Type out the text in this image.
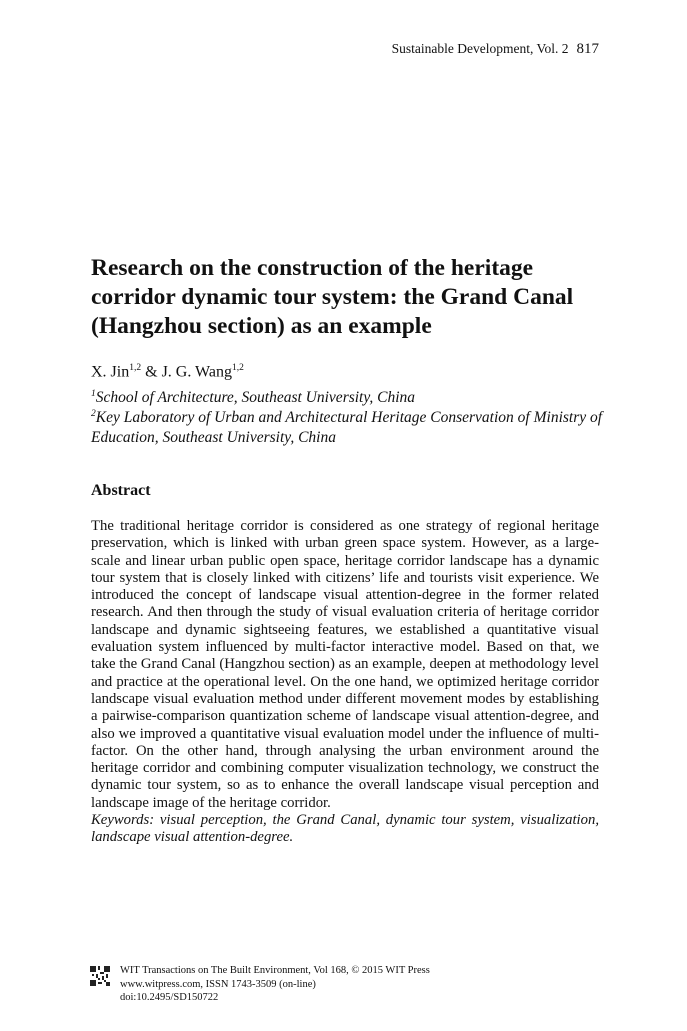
Sustainable Development, Vol. 2 817
Research on the construction of the heritage corridor dynamic tour system: the Grand Canal (Hangzhou section) as an example
X. Jin$^{1,2}$ & J. G. Wang$^{1,2}$
$^1$School of Architecture, Southeast University, China
$^2$Key Laboratory of Urban and Architectural Heritage Conservation of Ministry of Education, Southeast University, China
Abstract

The traditional heritage corridor is considered as one strategy of regional heritage preservation, which is linked with urban green space system. However, as a large-scale and linear urban public open space, heritage corridor landscape has a dynamic tour system that is closely linked with citizens’ life and tourists visit experience. We introduced the concept of landscape visual attention-degree in the former related research. And then through the study of visual evaluation criteria of heritage corridor landscape and dynamic sightseeing features, we established a quantitative visual evaluation system influenced by multi-factor interactive model. Based on that, we take the Grand Canal (Hangzhou section) as an example, deepen at methodology level and practice at the operational level. On the one hand, we optimized heritage corridor landscape visual evaluation method under different movement modes by establishing a pairwise-comparison quantization scheme of landscape visual attention-degree, and also we improved a quantitative visual evaluation model under the influence of multi-factor. On the other hand, through analysing the urban environment around the heritage corridor and combining computer visualization technology, we construct the dynamic tour system, so as to enhance the overall landscape visual perception and landscape image of the heritage corridor.
Keywords: visual perception, the Grand Canal, dynamic tour system, visualization, landscape visual attention-degree.

WIT Transactions on The Built Environment, Vol 168, © 2015 WIT Press
www.witpress.com, ISSN 1743-3509 (on-line)
doi:10.2495/SD150722
